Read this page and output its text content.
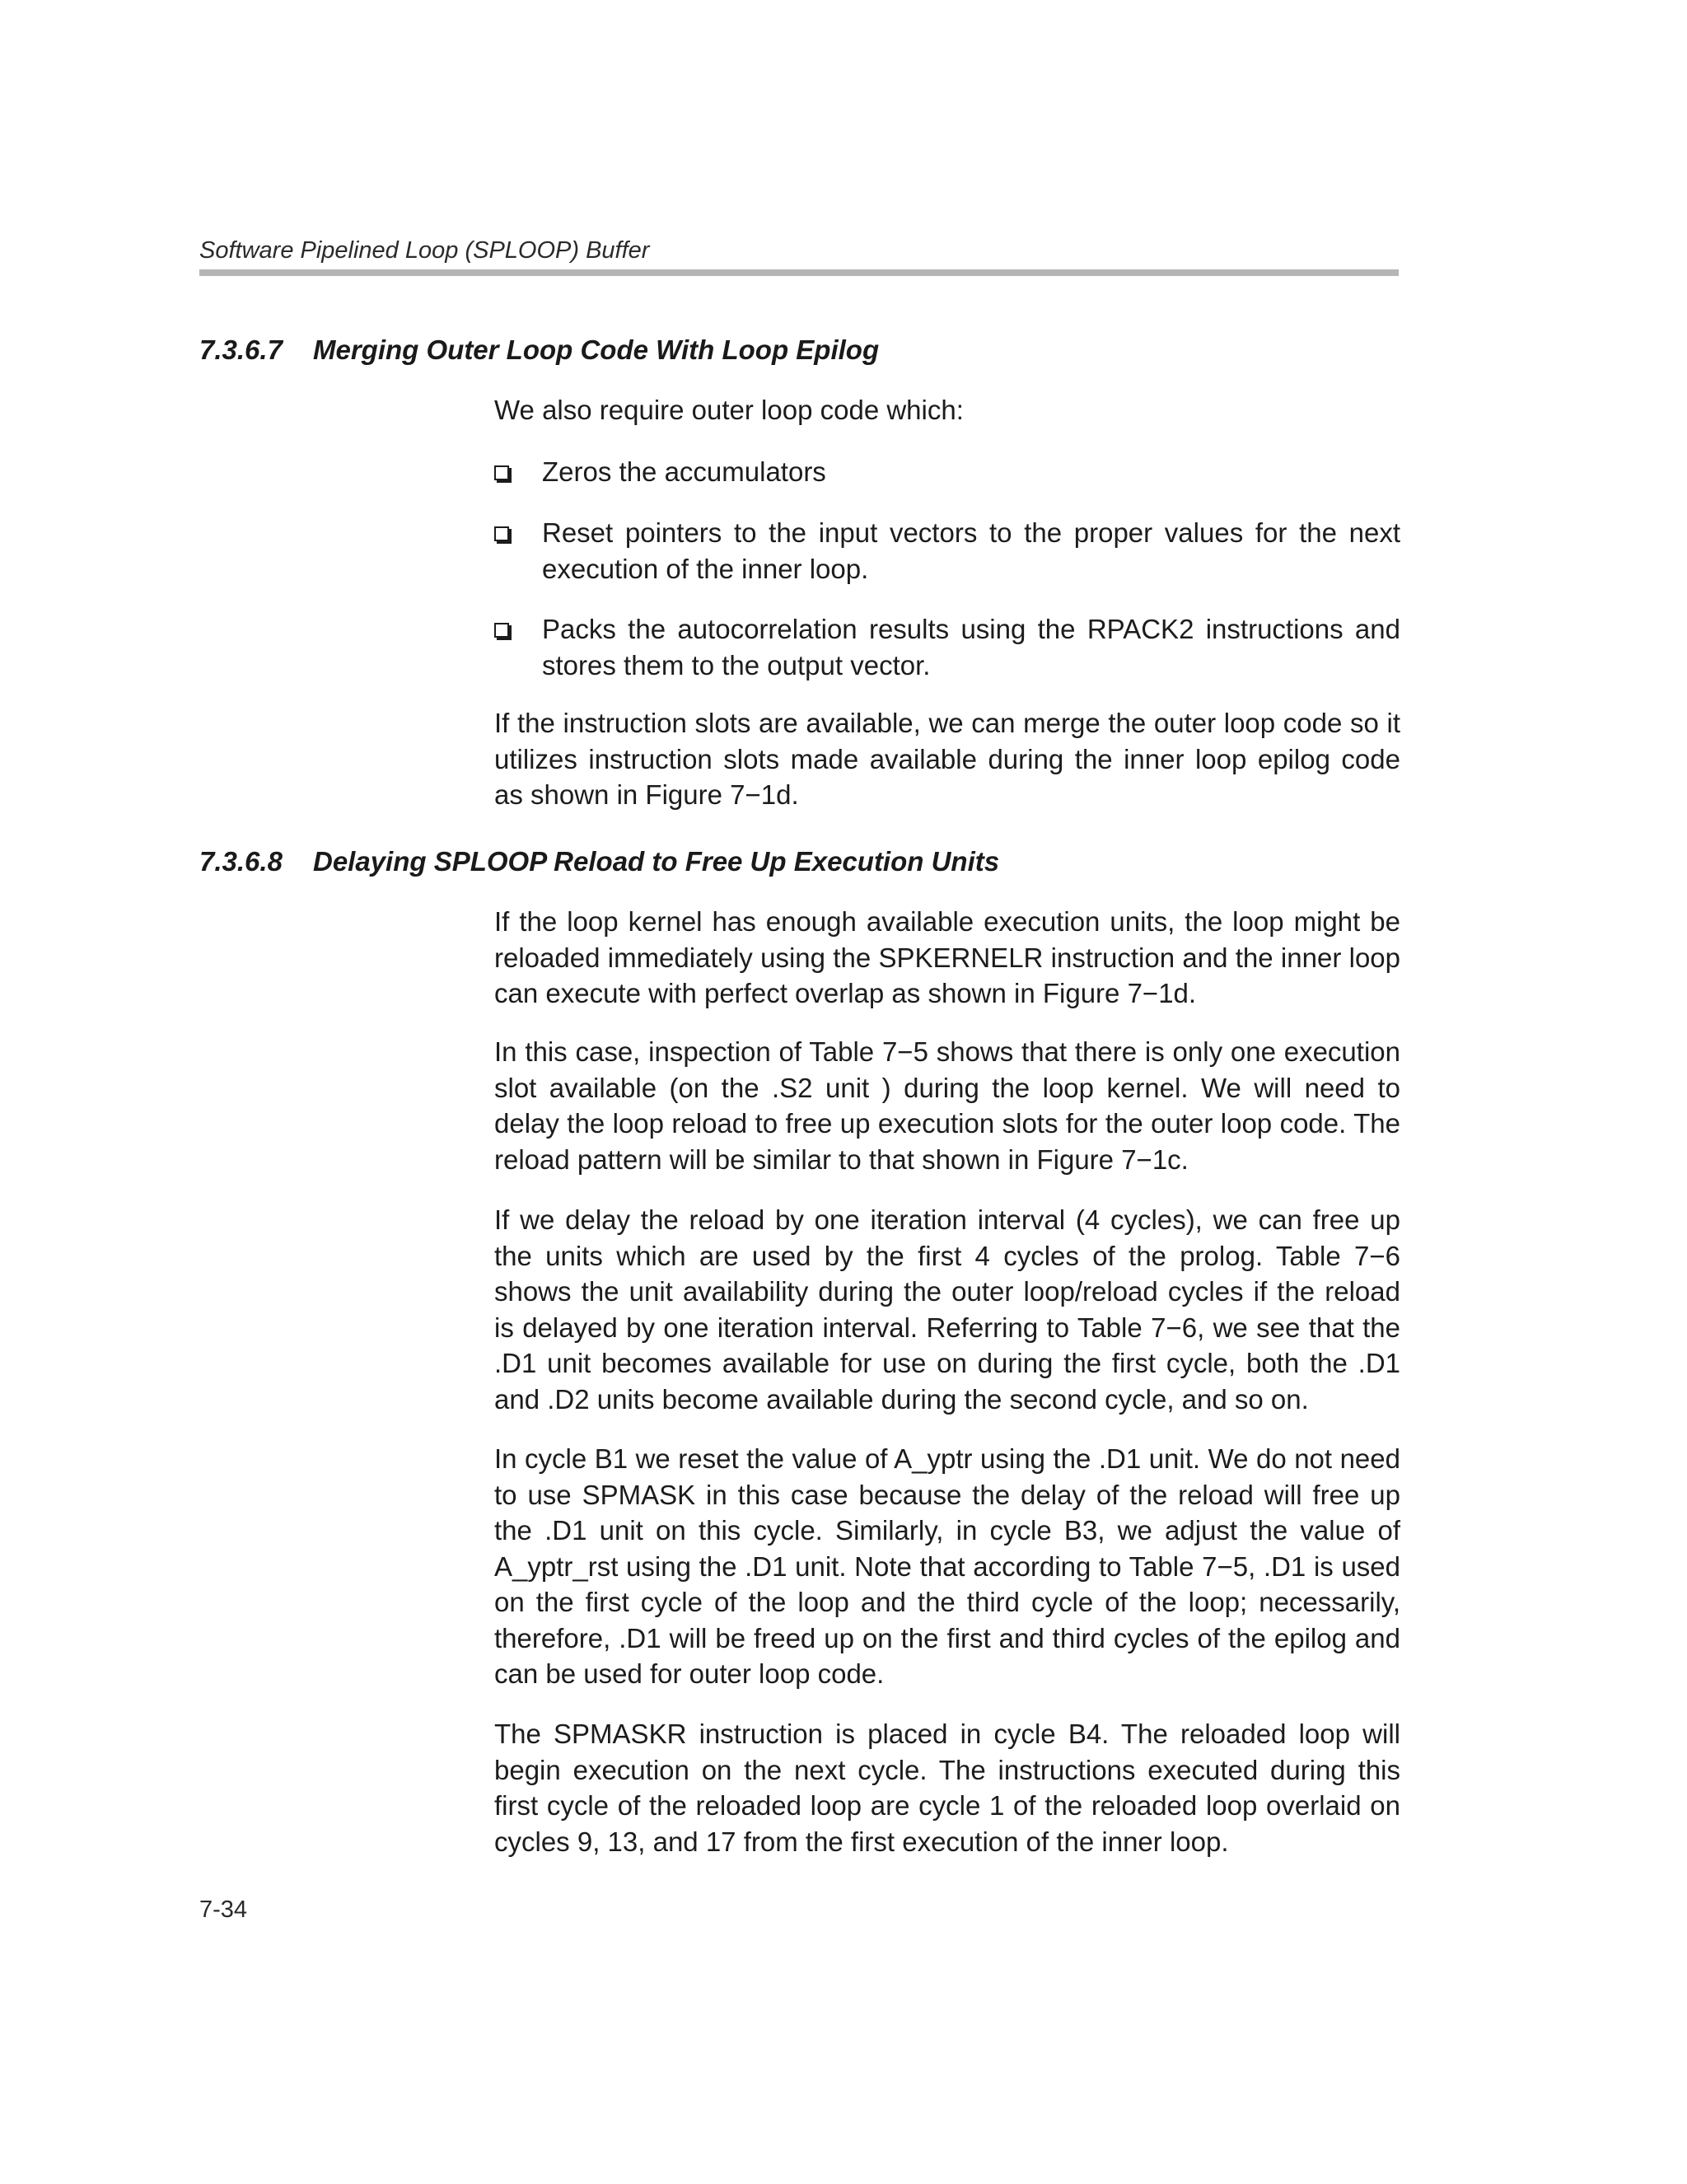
Software Pipelined Loop (SPLOOP) Buffer
7.3.6.7 Merging Outer Loop Code With Loop Epilog

We also require outer loop code which:

Zeros the accumulators
Reset pointers to the input vectors to the proper values for the next execution of the inner loop.
Packs the autocorrelation results using the RPACK2 instructions and stores them to the output vector.

If the instruction slots are available, we can merge the outer loop code so it utilizes instruction slots made available during the inner loop epilog code as shown in Figure 7−1d.

7.3.6.8 Delaying SPLOOP Reload to Free Up Execution Units

If the loop kernel has enough available execution units, the loop might be reloaded immediately using the SPKERNELR instruction and the inner loop can execute with perfect overlap as shown in Figure 7−1d.

In this case, inspection of Table 7−5 shows that there is only one execution slot available (on the .S2 unit ) during the loop kernel. We will need to delay the loop reload to free up execution slots for the outer loop code. The reload pattern will be similar to that shown in Figure 7−1c.

If we delay the reload by one iteration interval (4 cycles), we can free up the units which are used by the first 4 cycles of the prolog. Table 7−6 shows the unit availability during the outer loop/reload cycles if the reload is delayed by one iteration interval. Referring to Table 7−6, we see that the .D1 unit becomes available for use on during the first cycle, both the .D1 and .D2 units become available during the second cycle, and so on.

In cycle B1 we reset the value of A_yptr using the .D1 unit. We do not need to use SPMASK in this case because the delay of the reload will free up the .D1 unit on this cycle. Similarly, in cycle B3, we adjust the value of A_yptr_rst using the .D1 unit. Note that according to Table 7−5, .D1 is used on the first cycle of the loop and the third cycle of the loop; necessarily, therefore, .D1 will be freed up on the first and third cycles of the epilog and can be used for outer loop code.

The SPMASKR instruction is placed in cycle B4. The reloaded loop will begin execution on the next cycle. The instructions executed during this first cycle of the reloaded loop are cycle 1 of the reloaded loop overlaid on cycles 9, 13, and 17 from the first execution of the inner loop.

7-34
